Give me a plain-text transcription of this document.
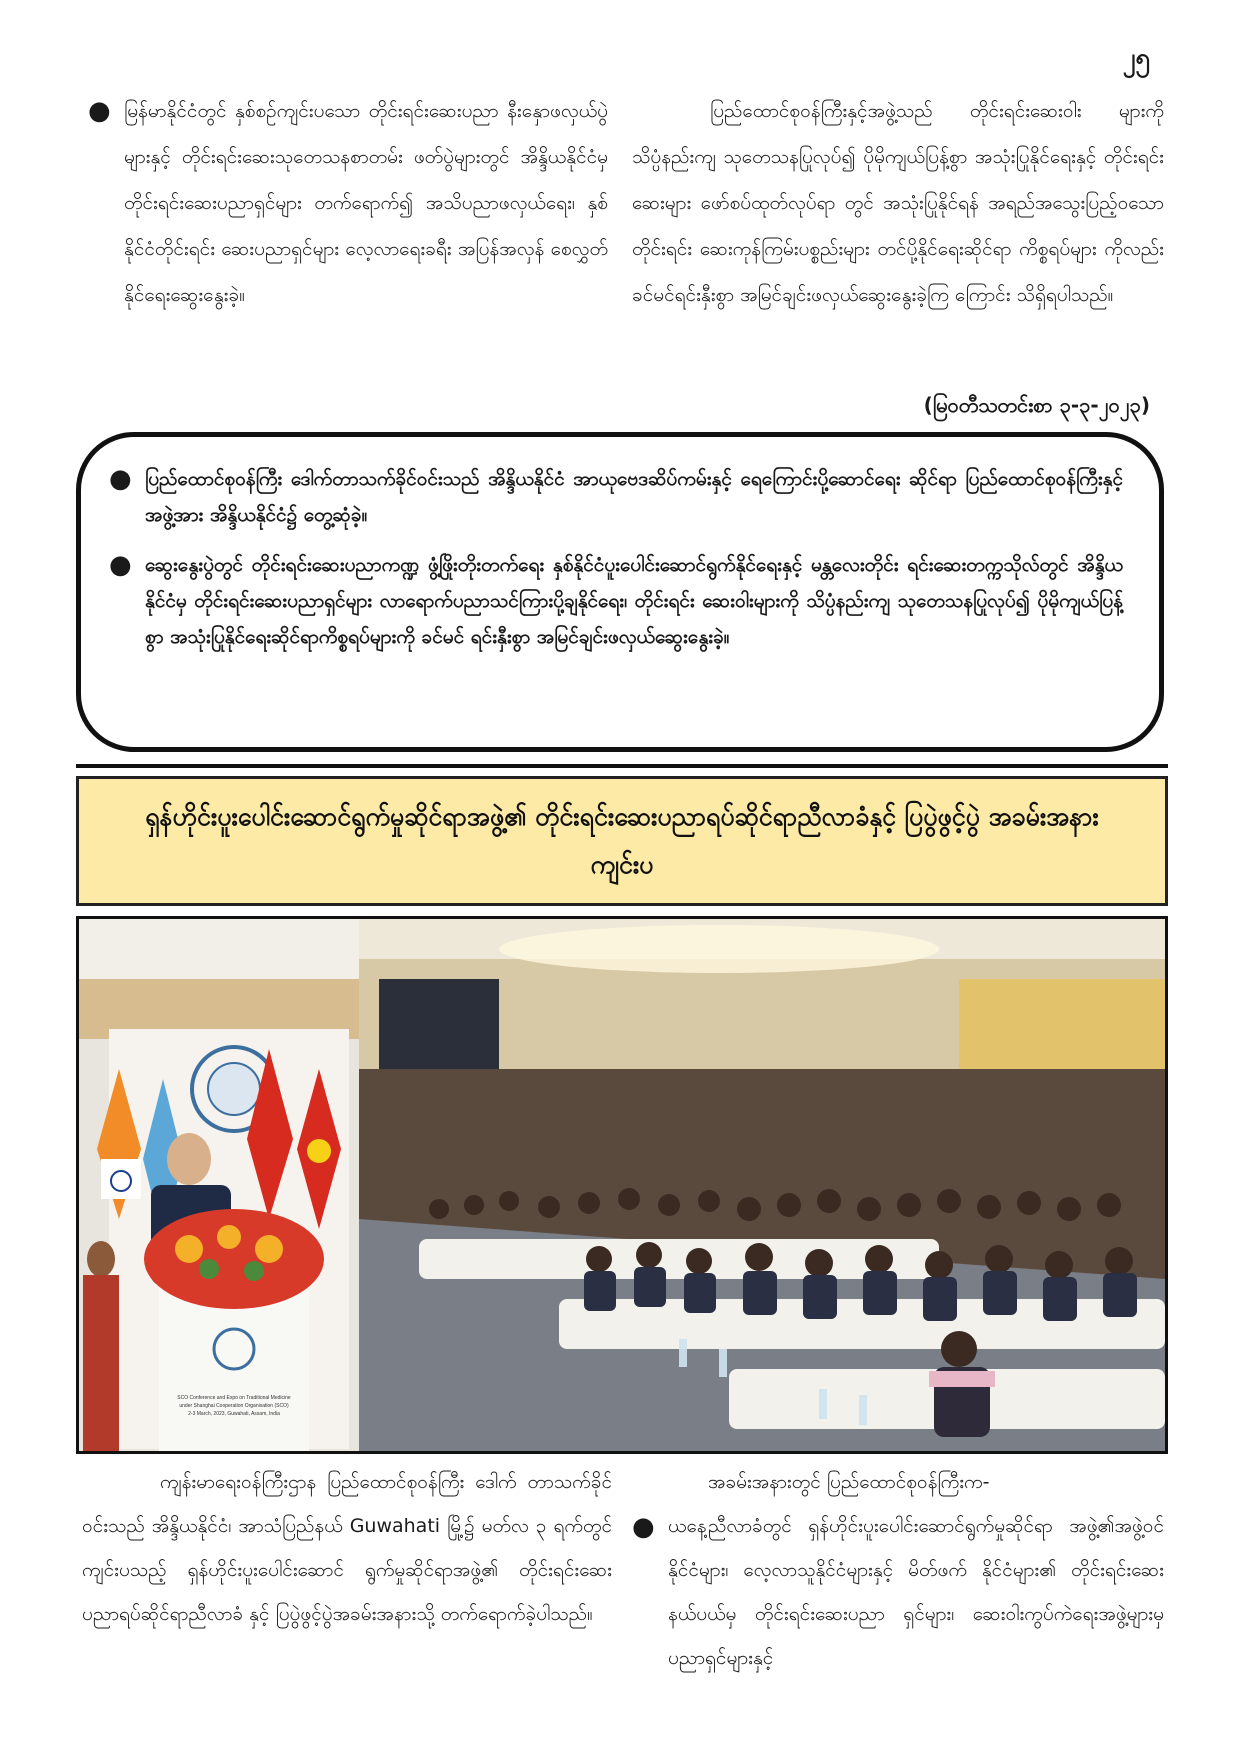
၂၅
● မြန်မာနိုင်ငံတွင် နှစ်စဉ်ကျင်းပသော တိုင်းရင်းဆေးပညာ နီးနှောဖလှယ်ပွဲများနှင့် တိုင်းရင်းဆေးသုတေသနစာတမ်း ဖတ်ပွဲများတွင် အိန္ဒိယနိုင်ငံမှ တိုင်းရင်းဆေးပညာရှင်များ တက်ရောက်၍ အသိပညာဖလှယ်ရေး၊ နှစ်နိုင်ငံတိုင်းရင်း ဆေးပညာရှင်များ လေ့လာရေးခရီး အပြန်အလှန် စေလွှတ် နိုင်ရေးဆွေးနွေးခဲ့။

ပြည်ထောင်စုဝန်ကြီးနှင့်အဖွဲ့သည် တိုင်းရင်းဆေးဝါး များကို သိပ္ပံနည်းကျ သုတေသနပြုလုပ်၍ ပိုမိုကျယ်ပြန့်စွာ အသုံးပြုနိုင်ရေးနှင့် တိုင်းရင်းဆေးများ ဖော်စပ်ထုတ်လုပ်ရာ တွင် အသုံးပြုနိုင်ရန် အရည်အသွေးပြည့်ဝသော တိုင်းရင်း ဆေးကုန်ကြမ်းပစ္စည်းများ တင်ပို့နိုင်ရေးဆိုင်ရာ ကိစ္စရပ်များ ကိုလည်း ခင်မင်ရင်းနှီးစွာ အမြင်ချင်းဖလှယ်ဆွေးနွေးခဲ့ကြ ကြောင်း သိရှိရပါသည်။

(မြဝတီသတင်းစာ ၃-၃-၂၀၂၃)
● ပြည်ထောင်စုဝန်ကြီး ဒေါက်တာသက်ခိုင်ဝင်းသည် အိန္ဒိယနိုင်ငံ အာယုဗေဒဆိပ်ကမ်းနှင့် ရေကြောင်းပို့ဆောင်ရေး ဆိုင်ရာ ပြည်ထောင်စုဝန်ကြီးနှင့်အဖွဲ့အား အိန္ဒိယနိုင်ငံ၌ တွေ့ဆုံခဲ့။
● ဆွေးနွေးပွဲတွင် တိုင်းရင်းဆေးပညာကဏ္ဍ ဖွံ့ဖြိုးတိုးတက်ရေး နှစ်နိုင်ငံပူးပေါင်းဆောင်ရွက်နိုင်ရေးနှင့် မန္တလေးတိုင်း ရင်းဆေးတက္ကသိုလ်တွင် အိန္ဒိယနိုင်ငံမှ တိုင်းရင်းဆေးပညာရှင်များ လာရောက်ပညာသင်ကြားပို့ချနိုင်ရေး၊ တိုင်းရင်း ဆေးဝါးများကို သိပ္ပံနည်းကျ သုတေသနပြုလုပ်၍ ပိုမိုကျယ်ပြန့်စွာ အသုံးပြုနိုင်ရေးဆိုင်ရာကိစ္စရပ်များကို ခင်မင် ရင်းနှီးစွာ အမြင်ချင်းဖလှယ်ဆွေးနွေးခဲ့။
ရှန်ဟိုင်းပူးပေါင်းဆောင်ရွက်မှုဆိုင်ရာအဖွဲ့၏ တိုင်းရင်းဆေးပညာရပ်ဆိုင်ရာညီလာခံနှင့် ပြပွဲဖွင့်ပွဲ အခမ်းအနားကျင်းပ
SCO Conference and Expo on Traditional Medicine
under Shanghai Cooperation Organisation (SCO)
2-3 March, 2023, Guwahati, Assam, India

ကျန်းမာရေးဝန်ကြီးဌာန ပြည်ထောင်စုဝန်ကြီး ဒေါက် တာသက်ခိုင်ဝင်းသည် အိန္ဒိယနိုင်ငံ၊ အာသံပြည်နယ် Guwahati မြို့၌ မတ်လ ၃ ရက်တွင် ကျင်းပသည့် ရှန်ဟိုင်းပူးပေါင်းဆောင် ရွက်မှုဆိုင်ရာအဖွဲ့၏ တိုင်းရင်းဆေးပညာရပ်ဆိုင်ရာညီလာခံ နှင့် ပြပွဲဖွင့်ပွဲအခမ်းအနားသို့ တက်ရောက်ခဲ့ပါသည်။

အခမ်းအနားတွင် ပြည်ထောင်စုဝန်ကြီးက-

● ယနေ့ညီလာခံတွင် ရှန်ဟိုင်းပူးပေါင်းဆောင်ရွက်မှုဆိုင်ရာ အဖွဲ့၏အဖွဲ့ဝင်နိုင်ငံများ၊ လေ့လာသူနိုင်ငံများနှင့် မိတ်ဖက် နိုင်ငံများ၏ တိုင်းရင်းဆေးနယ်ပယ်မှ တိုင်းရင်းဆေးပညာ ရှင်များ၊ ဆေးဝါးကွပ်ကဲရေးအဖွဲ့များမှ ပညာရှင်များနှင့်
